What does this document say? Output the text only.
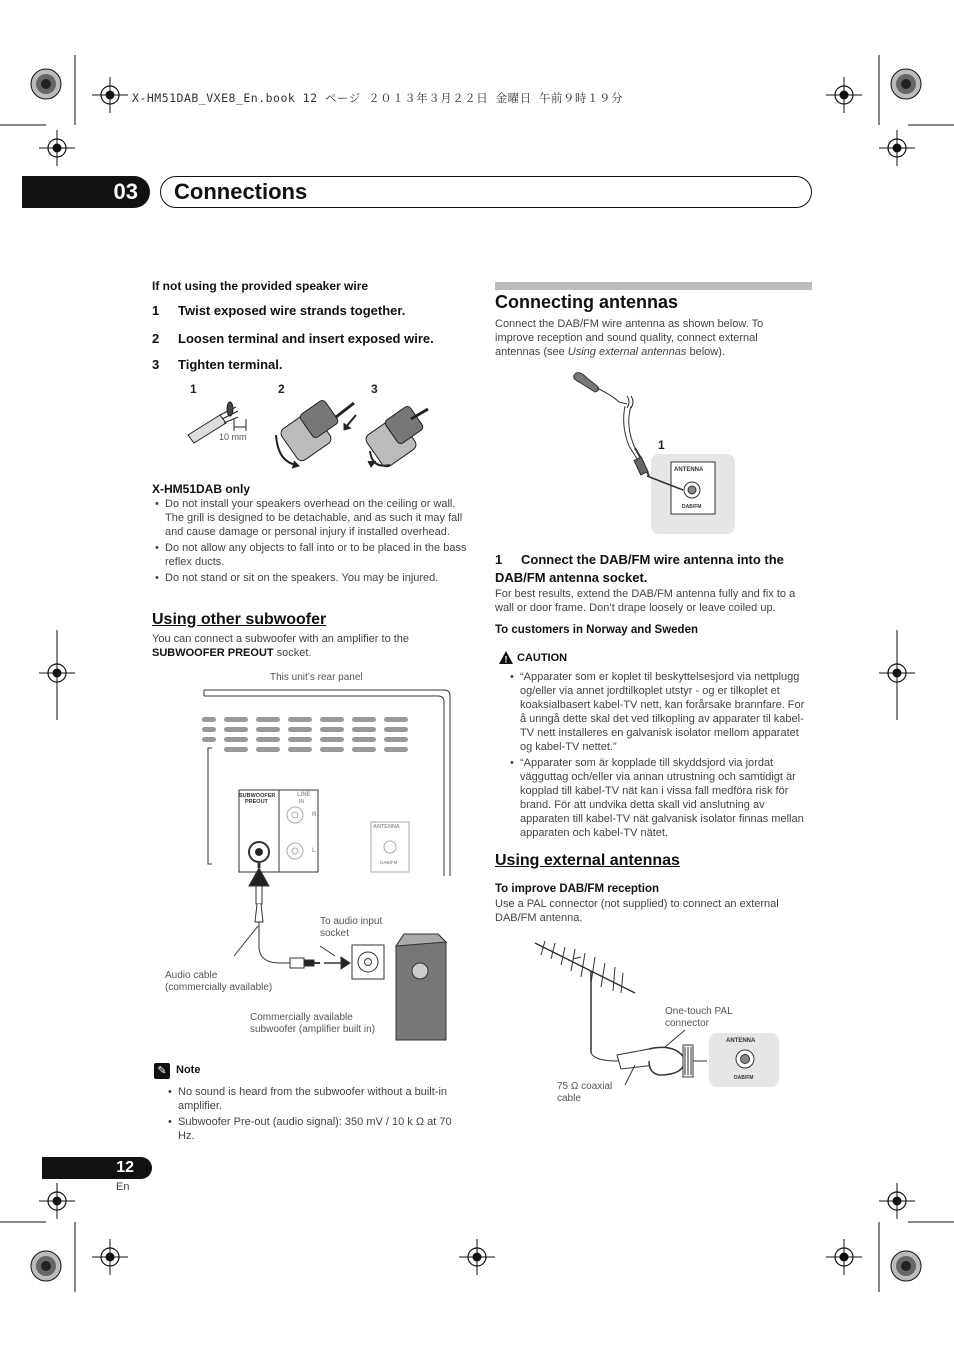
X-HM51DAB_VXE8_En.book 12 ページ ２０１３年３月２２日 金曜日 午前９時１９分
03	Connections
If not using the provided speaker wire
1 Twist exposed wire strands together.
2 Loosen terminal and insert exposed wire.
3 Tighten terminal.
1	2	3
10 mm
X-HM51DAB only
• Do not install your speakers overhead on the ceiling or wall. The grill is designed to be detachable, and as such it may fall and cause damage or personal injury if installed overhead.
• Do not allow any objects to fall into or to be placed in the bass reflex ducts.
• Do not stand or sit on the speakers. You may be injured.
Using other subwoofer
You can connect a subwoofer with an amplifier to the SUBWOOFER PREOUT socket.
This unit’s rear panel
SUBWOOFER
PREOUT
LINE
IN
R
L
ANTENNA
DAB/FM
To audio input
socket
Audio cable
(commercially available)
Commercially available
subwoofer (amplifier built in)
✎ Note
• No sound is heard from the subwoofer without a built-in amplifier.
• Subwoofer Pre-out (audio signal): 350 mV / 10 k Ω at 70 Hz.
Connecting antennas
Connect the DAB/FM wire antenna as shown below. To improve reception and sound quality, connect external antennas (see Using external antennas below).
1
ANTENNA
DAB/FM
1 Connect the DAB/FM wire antenna into the DAB/FM antenna socket.
For best results, extend the DAB/FM antenna fully and fix to a wall or door frame. Don’t drape loosely or leave coiled up.
To customers in Norway and Sweden
! CAUTION
• “Apparater som er koplet til beskyttelsesjord via nettplugg og/eller via annet jordtilkoplet utstyr - og er tilkoplet et koaksialbasert kabel-TV nett, kan forårsake brannfare. For å unngå dette skal det ved tilkopling av apparater til kabel-TV nett installeres en galvanisk isolator mellom apparatet og kabel-TV nettet.”
• “Apparater som är kopplade till skyddsjord via jordat vägguttag och/eller via annan utrustning och samtidigt är kopplad till kabel-TV nät kan i vissa fall medföra risk för brand. För att undvika detta skall vid anslutning av apparaten till kabel-TV nät galvanisk isolator finnas mellan apparaten och kabel-TV nätet.
Using external antennas
To improve DAB/FM reception
Use a PAL connector (not supplied) to connect an external DAB/FM antenna.
One-touch PAL
connector
75 Ω coaxial
cable
ANTENNA
DAB/FM
12
En
